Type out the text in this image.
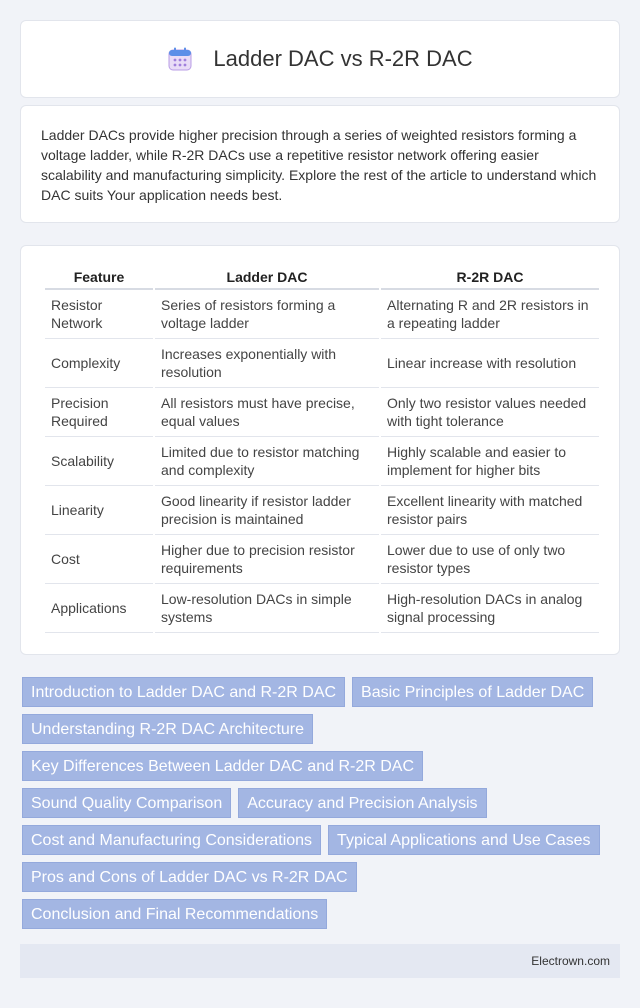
Ladder DAC vs R-2R DAC

Ladder DACs provide higher precision through a series of weighted resistors forming a voltage ladder, while R-2R DACs use a repetitive resistor network offering easier scalability and manufacturing simplicity. Explore the rest of the article to understand which DAC suits Your application needs best.

Feature	Ladder DAC	R-2R DAC
Resistor Network	Series of resistors forming a voltage ladder	Alternating R and 2R resistors in a repeating ladder
Complexity	Increases exponentially with resolution	Linear increase with resolution
Precision Required	All resistors must have precise, equal values	Only two resistor values needed with tight tolerance
Scalability	Limited due to resistor matching and complexity	Highly scalable and easier to implement for higher bits
Linearity	Good linearity if resistor ladder precision is maintained	Excellent linearity with matched resistor pairs
Cost	Higher due to precision resistor requirements	Lower due to use of only two resistor types
Applications	Low-resolution DACs in simple systems	High-resolution DACs in analog signal processing
Introduction to Ladder DAC and R-2R DAC	Basic Principles of Ladder DAC
Understanding R-2R DAC Architecture
Key Differences Between Ladder DAC and R-2R DAC
Sound Quality Comparison	Accuracy and Precision Analysis
Cost and Manufacturing Considerations	Typical Applications and Use Cases
Pros and Cons of Ladder DAC vs R-2R DAC
Conclusion and Final Recommendations
Electrown.com
